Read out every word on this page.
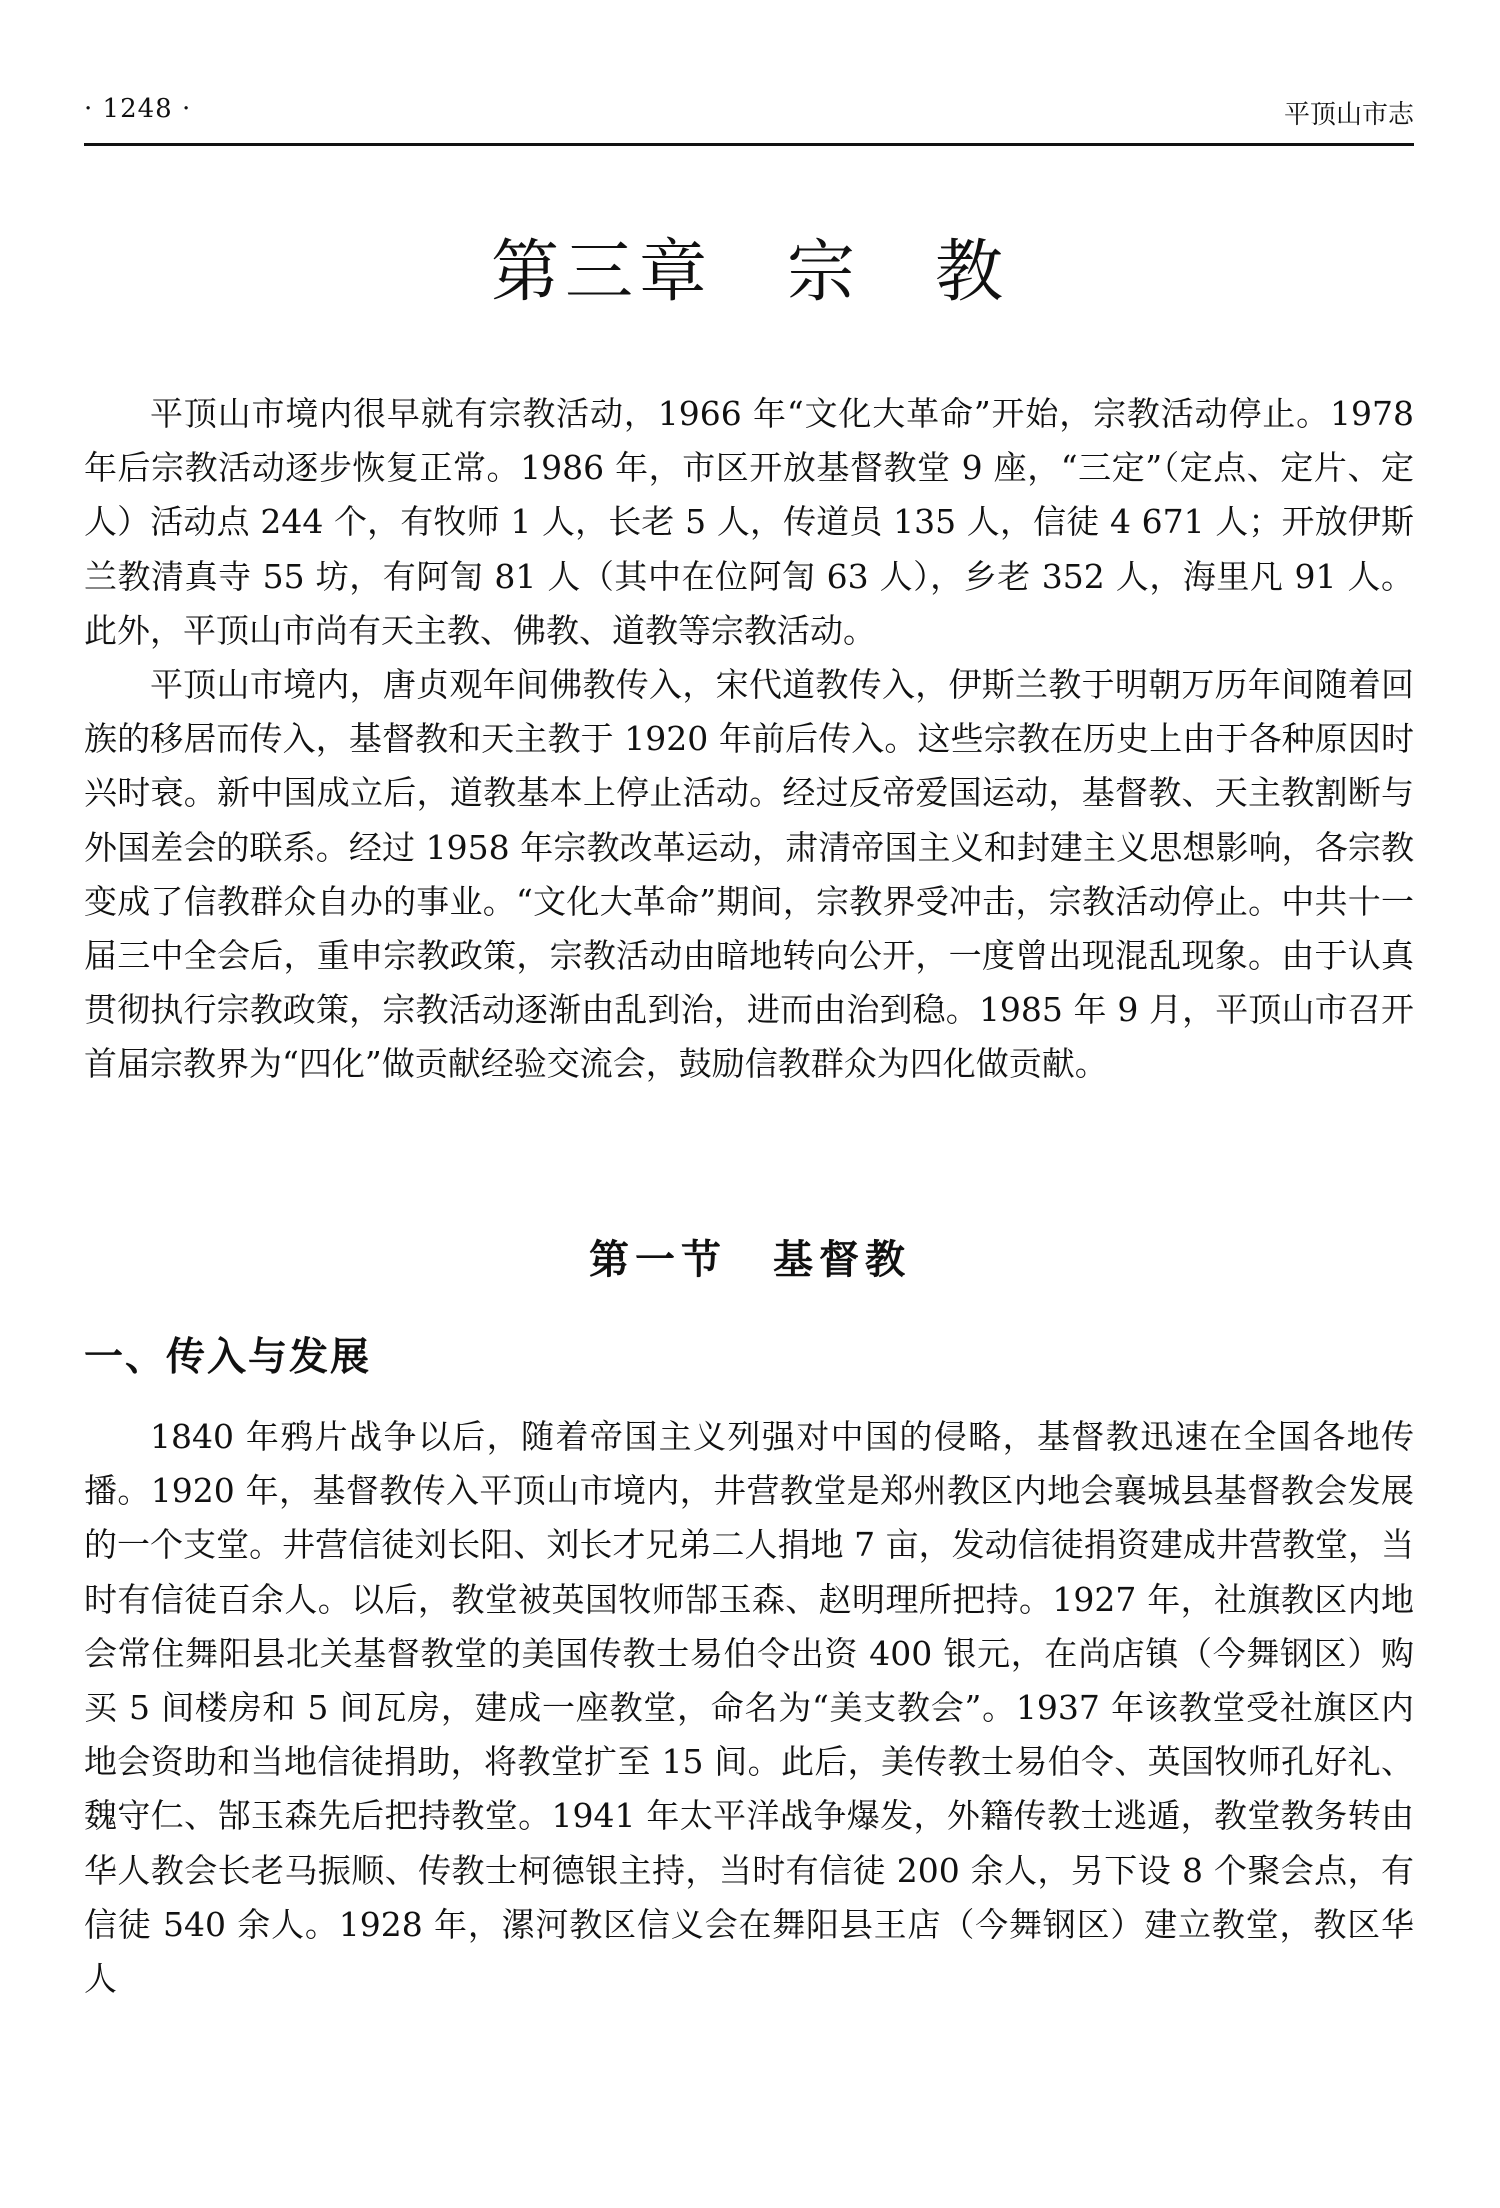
· 1248 ·	平顶山市志
第三章　宗　教

平顶山市境内很早就有宗教活动，1966 年“文化大革命”开始，宗教活动停止。1978 年后宗教活动逐步恢复正常。1986 年，市区开放基督教堂 9 座，“三定”（定点、定片、定人）活动点 244 个，有牧师 1 人，长老 5 人，传道员 135 人，信徒 4 671 人；开放伊斯兰教清真寺 55 坊，有阿訇 81 人（其中在位阿訇 63 人），乡老 352 人，海里凡 91 人。此外，平顶山市尚有天主教、佛教、道教等宗教活动。

平顶山市境内，唐贞观年间佛教传入，宋代道教传入，伊斯兰教于明朝万历年间随着回族的移居而传入，基督教和天主教于 1920 年前后传入。这些宗教在历史上由于各种原因时兴时衰。新中国成立后，道教基本上停止活动。经过反帝爱国运动，基督教、天主教割断与外国差会的联系。经过 1958 年宗教改革运动，肃清帝国主义和封建主义思想影响，各宗教变成了信教群众自办的事业。“文化大革命”期间，宗教界受冲击，宗教活动停止。中共十一届三中全会后，重申宗教政策，宗教活动由暗地转向公开，一度曾出现混乱现象。由于认真贯彻执行宗教政策，宗教活动逐渐由乱到治，进而由治到稳。1985 年 9 月，平顶山市召开首届宗教界为“四化”做贡献经验交流会，鼓励信教群众为四化做贡献。

第一节　基督教
一、传入与发展

1840 年鸦片战争以后，随着帝国主义列强对中国的侵略，基督教迅速在全国各地传播。1920 年，基督教传入平顶山市境内，井营教堂是郑州教区内地会襄城县基督教会发展的一个支堂。井营信徒刘长阳、刘长才兄弟二人捐地 7 亩，发动信徒捐资建成井营教堂，当时有信徒百余人。以后，教堂被英国牧师郜玉森、赵明理所把持。1927 年，社旗教区内地会常住舞阳县北关基督教堂的美国传教士易伯令出资 400 银元，在尚店镇（今舞钢区）购买 5 间楼房和 5 间瓦房，建成一座教堂，命名为“美支教会”。1937 年该教堂受社旗区内地会资助和当地信徒捐助，将教堂扩至 15 间。此后，美传教士易伯令、英国牧师孔好礼、魏守仁、郜玉森先后把持教堂。1941 年太平洋战争爆发，外籍传教士逃遁，教堂教务转由华人教会长老马振顺、传教士柯德银主持，当时有信徒 200 余人，另下设 8 个聚会点，有信徒 540 余人。1928 年，漯河教区信义会在舞阳县王店（今舞钢区）建立教堂，教区华人
